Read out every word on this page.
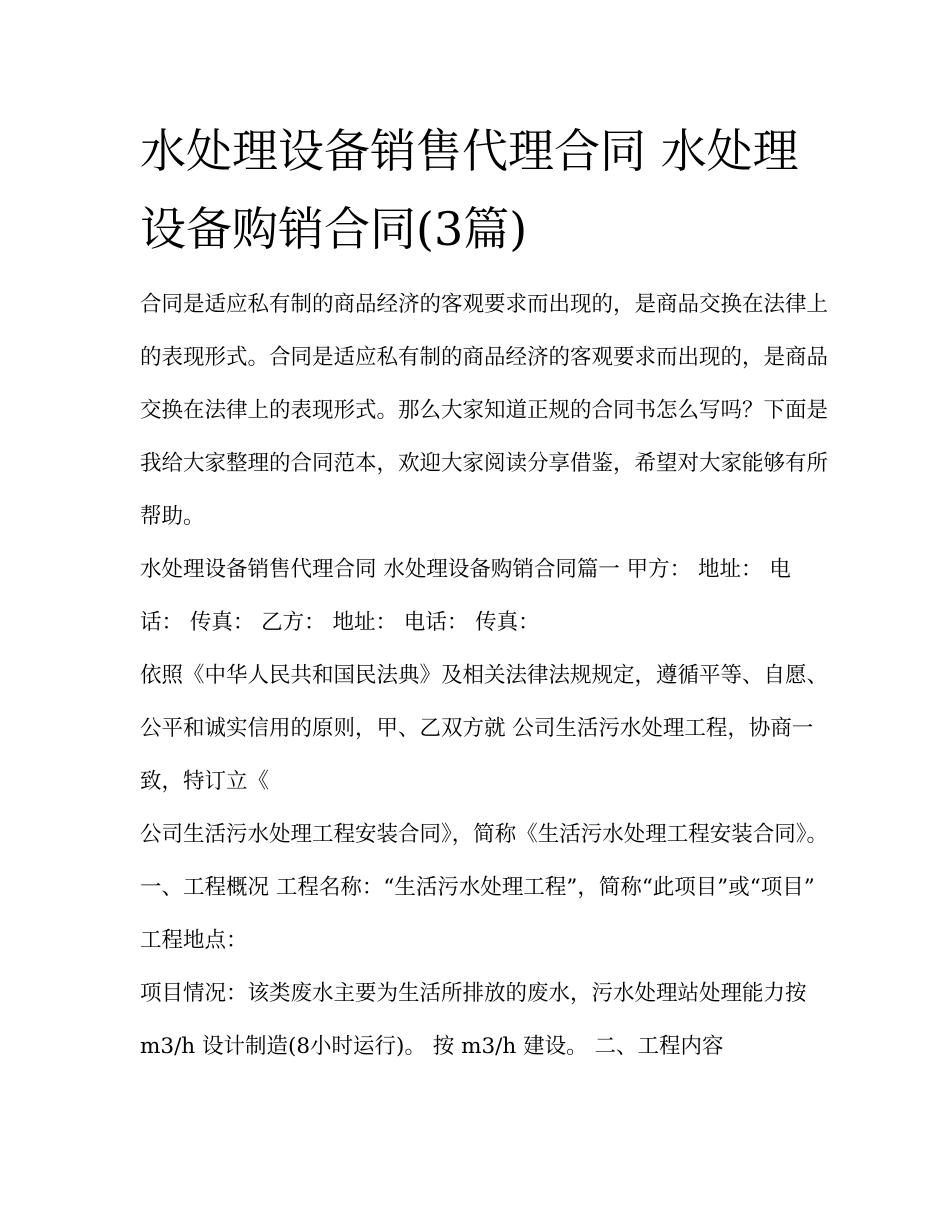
水处理设备销售代理合同 水处理设备购销合同(3篇)

合同是适应私有制的商品经济的客观要求而出现的，是商品交换在法律上的表现形式。合同是适应私有制的商品经济的客观要求而出现的，是商品交换在法律上的表现形式。那么大家知道正规的合同书怎么写吗？下面是我给大家整理的合同范本，欢迎大家阅读分享借鉴，希望对大家能够有所帮助。

水处理设备销售代理合同 水处理设备购销合同篇一 甲方： 地址： 电话： 传真： 乙方： 地址： 电话： 传真：

依照《中华人民共和国民法典》及相关法律法规规定，遵循平等、自愿、公平和诚实信用的原则，甲、乙双方就 公司生活污水处理工程，协商一致，特订立《

公司生活污水处理工程安装合同》，简称《生活污水处理工程安装合同》。 一、工程概况 工程名称：“生活污水处理工程”，简称“此项目”或“项目” 工程地点：

项目情况：该类废水主要为生活所排放的废水，污水处理站处理能力按 m3/h 设计制造(8小时运行)。 按 m3/h 建设。 二、工程内容
